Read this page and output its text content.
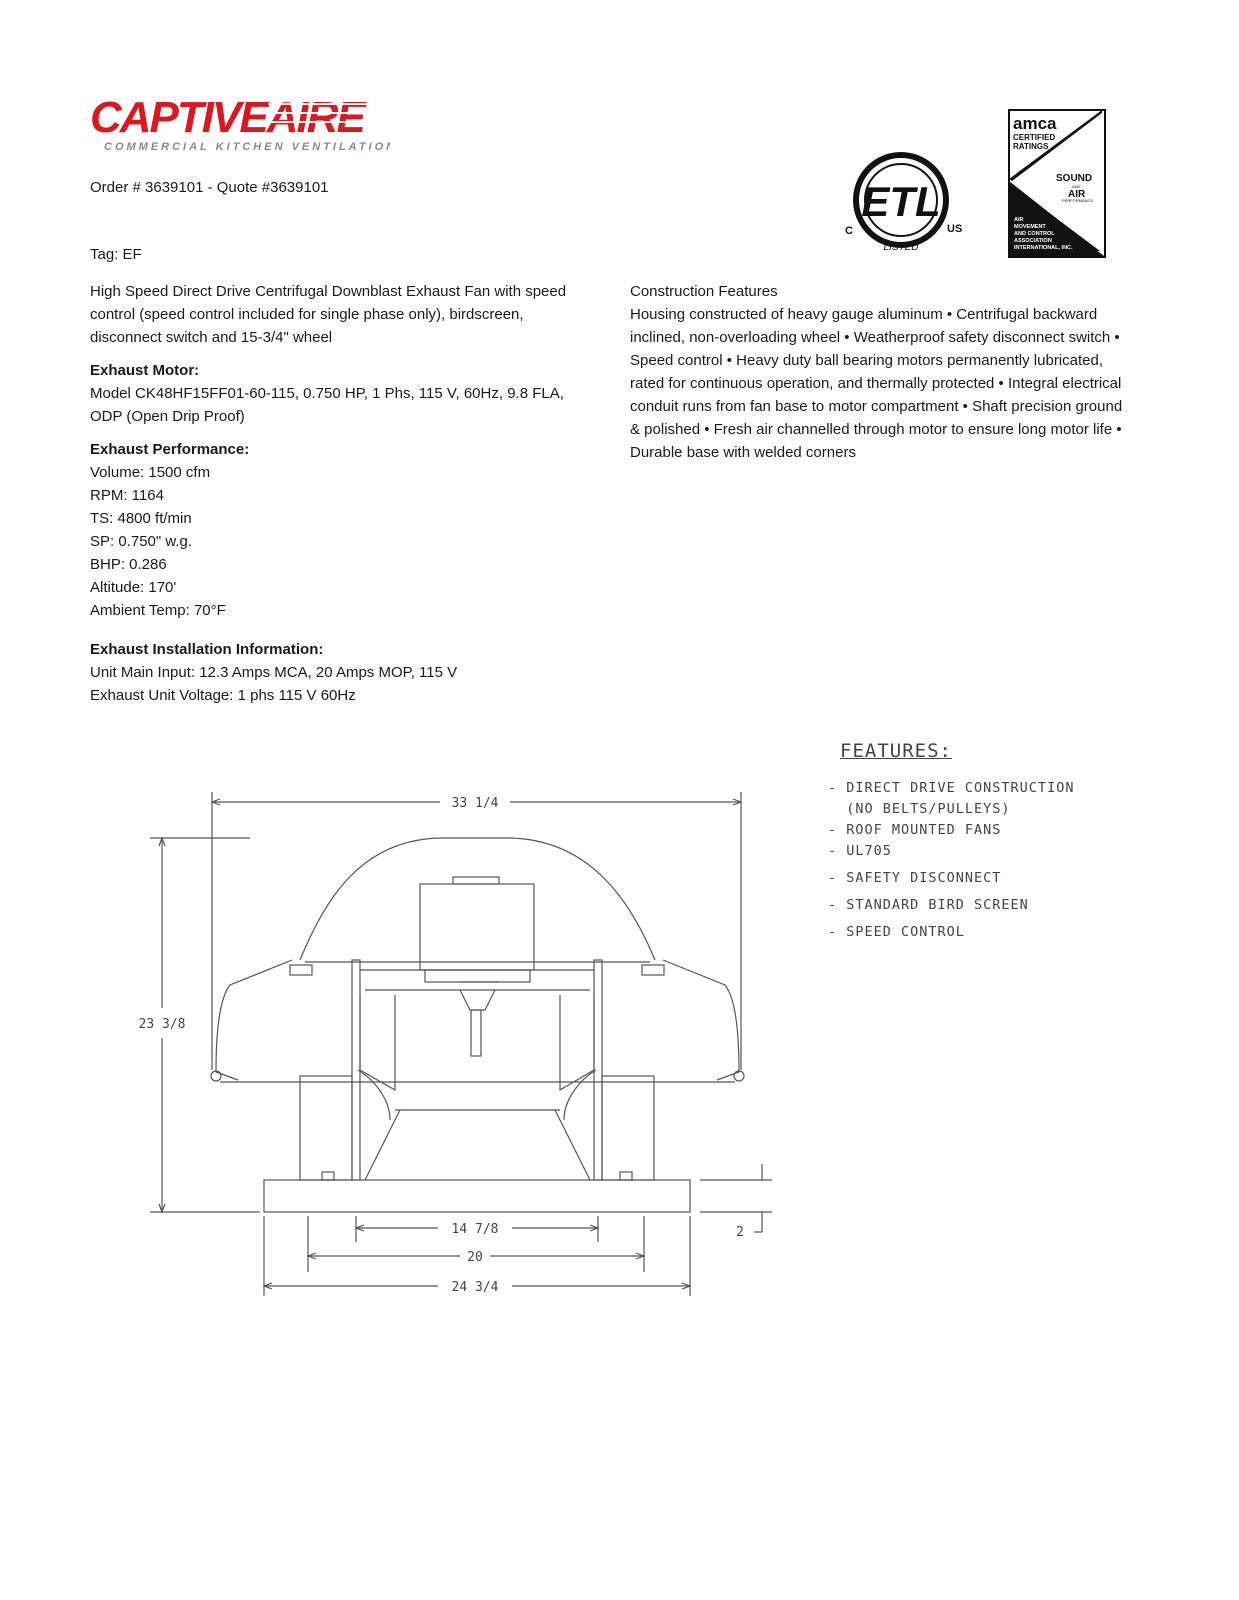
CAPTIVEAIRE
COMMERCIAL KITCHEN VENTILATION
Order # 3639101 - Quote #3639101	ETL
C	US
LISTED
amca
CERTIFIED
RATINGS
SOUND
AND
AIR
PERFORMANCE
AIR
MOVEMENT
AND CONTROL
ASSOCIATION
INTERNATIONAL, INC.
Tag: EF
High Speed Direct Drive Centrifugal Downblast Exhaust Fan with speed control (speed control included for single phase only), birdscreen, disconnect switch and 15-3/4" wheel

Exhaust Motor:

Model CK48HF15FF01-60-115, 0.750 HP, 1 Phs, 115 V, 60Hz, 9.8 FLA, ODP (Open Drip Proof)

Exhaust Performance:

Volume: 1500 cfm

RPM: 1164

TS: 4800 ft/min

SP: 0.750" w.g.

BHP: 0.286

Altitude: 170'

Ambient Temp: 70°F

Exhaust Installation Information:

Unit Main Input: 12.3 Amps MCA, 20 Amps MOP, 115 V

Exhaust Unit Voltage: 1 phs 115 V 60Hz

Construction Features

Housing constructed of heavy gauge aluminum • Centrifugal backward inclined, non-overloading wheel • Weatherproof safety disconnect switch • Speed control • Heavy duty ball bearing motors permanently lubricated, rated for continuous operation, and thermally protected • Integral electrical conduit runs from fan base to motor compartment • Shaft precision ground & polished • Fresh air channelled through motor to ensure long motor life • Durable base with welded corners

FEATURES:
- DIRECT DRIVE CONSTRUCTION
(NO BELTS/PULLEYS)
- ROOF MOUNTED FANS
- UL705
- SAFETY DISCONNECT
- STANDARD BIRD SCREEN
- SPEED CONTROL
33 1/4
23 3/8
2
14 7/8
20
24 3/4
